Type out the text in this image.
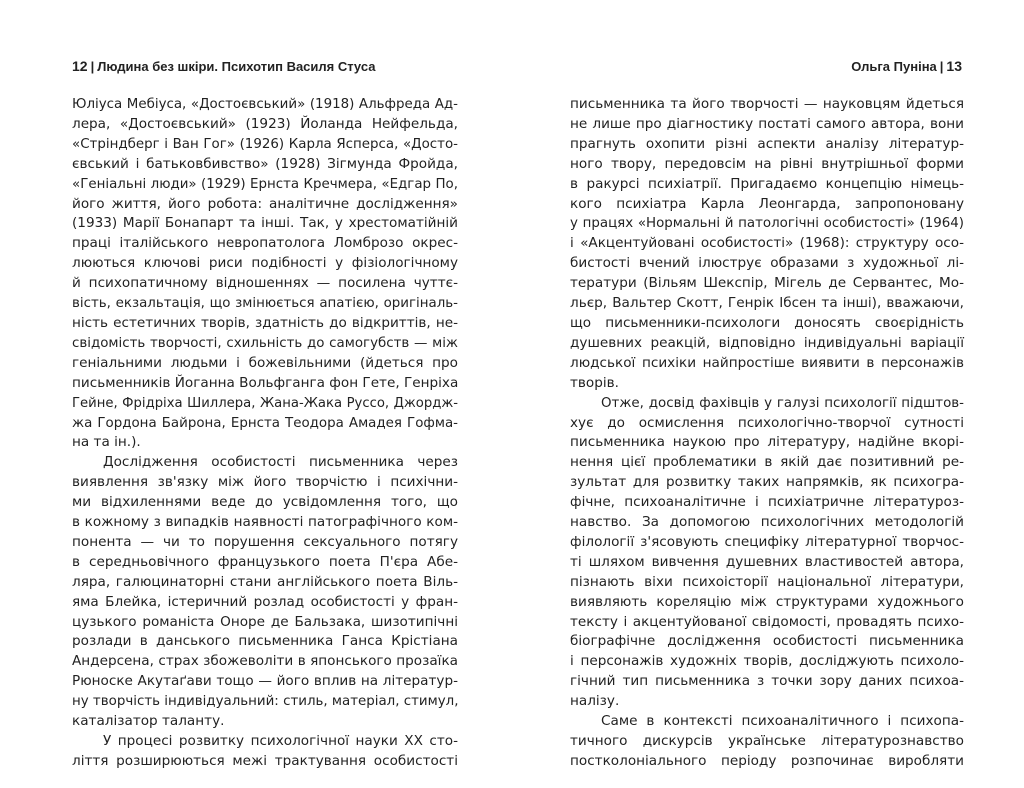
12 | Людина без шкіри. Психотип Василя Стуса
Юліуса Мебіуса, «Достоєвський» (1918) Альфреда Ад-
лера, «Достоєвський» (1923) Йоланда Нейфельда,
«Стріндберг і Ван Гог» (1926) Карла Ясперса, «Досто-
євський і батьковбивство» (1928) Зігмунда Фройда,
«Геніальні люди» (1929) Ернста Кречмера, «Едгар По,
його життя, його робота: аналітичне дослідження»
(1933) Марії Бонапарт та інші. Так, у хрестоматійній
праці італійського невропатолога Ломброзо окрес-
люються ключові риси подібності у фізіологічному
й психопатичному відношеннях — посилена чуттє-
вість, екзальтація, що змінюється апатією, оригіналь-
ність естетичних творів, здатність до відкриттів, не-
свідомість творчості, схильність до самогубств — між
геніальними людьми і божевільними (йдеться про
письменників Йоганна Вольфганга фон Гете, Генріха
Гейне, Фрідріха Шиллера, Жана-Жака Руссо, Джордж-
жа Гордона Байрона, Ернста Теодора Амадея Гофма-
на та ін.).
Дослідження особистості письменника через
виявлення зв'язку між його творчістю і психічни-
ми відхиленнями веде до усвідомлення того, що
в кожному з випадків наявності патографічного ком-
понента — чи то порушення сексуального потягу
в середньовічного французького поета П'єра Абе-
ляра, галюцинаторні стани англійського поета Віль-
яма Блейка, істеричний розлад особистості у фран-
цузького романіста Оноре де Бальзака, шизотипічні
розлади в данського письменника Ганса Крістіана
Андерсена, страх збожеволіти в японського прозаїка
Рюноске Акутаґави тощо — його вплив на літератур-
ну творчість індивідуальний: стиль, матеріал, стимул,
каталізатор таланту.
У процесі розвитку психологічної науки ХХ сто-
ліття розширюються межі трактування особистості
Ольга Пуніна | 13
письменника та його творчості — науковцям йдеться
не лише про діагностику постаті самого автора, вони
прагнуть охопити різні аспекти аналізу літератур-
ного твору, передовсім на рівні внутрішньої форми
в ракурсі психіатрії. Пригадаємо концепцію німець-
кого психіатра Карла Леонгарда, запропоновану
у працях «Нормальні й патологічні особистості» (1964)
і «Акцентуйовані особистості» (1968): структуру осо-
бистості вчений ілюструє образами з художньої лі-
тератури (Вільям Шекспір, Мігель де Сервантес, Мо-
льєр, Вальтер Скотт, Генрік Ібсен та інші), вважаючи,
що письменники-психологи доносять своєрідність
душевних реакцій, відповідно індивідуальні варіації
людської психіки найпростіше виявити в персонажів
творів.
Отже, досвід фахівців у галузі психології підштов-
хує до осмислення психологічно-творчої сутності
письменника наукою про літературу, надійне вкорі-
нення цієї проблематики в якій дає позитивний ре-
зультат для розвитку таких напрямків, як психогра-
фічне, психоаналітичне і психіатричне літературоз-
навство. За допомогою психологічних методологій
філології з'ясовують специфіку літературної творчос-
ті шляхом вивчення душевних властивостей автора,
пізнають віхи психоісторії національної літератури,
виявляють кореляцію між структурами художнього
тексту і акцентуйованої свідомості, провадять психо-
біографічне дослідження особистості письменника
і персонажів художніх творів, досліджують психоло-
гічний тип письменника з точки зору даних психоа-
налізу.
Саме в контексті психоаналітичного і психопа-
тичного дискурсів українське літературознавство
постколоніального періоду розпочинає виробляти
